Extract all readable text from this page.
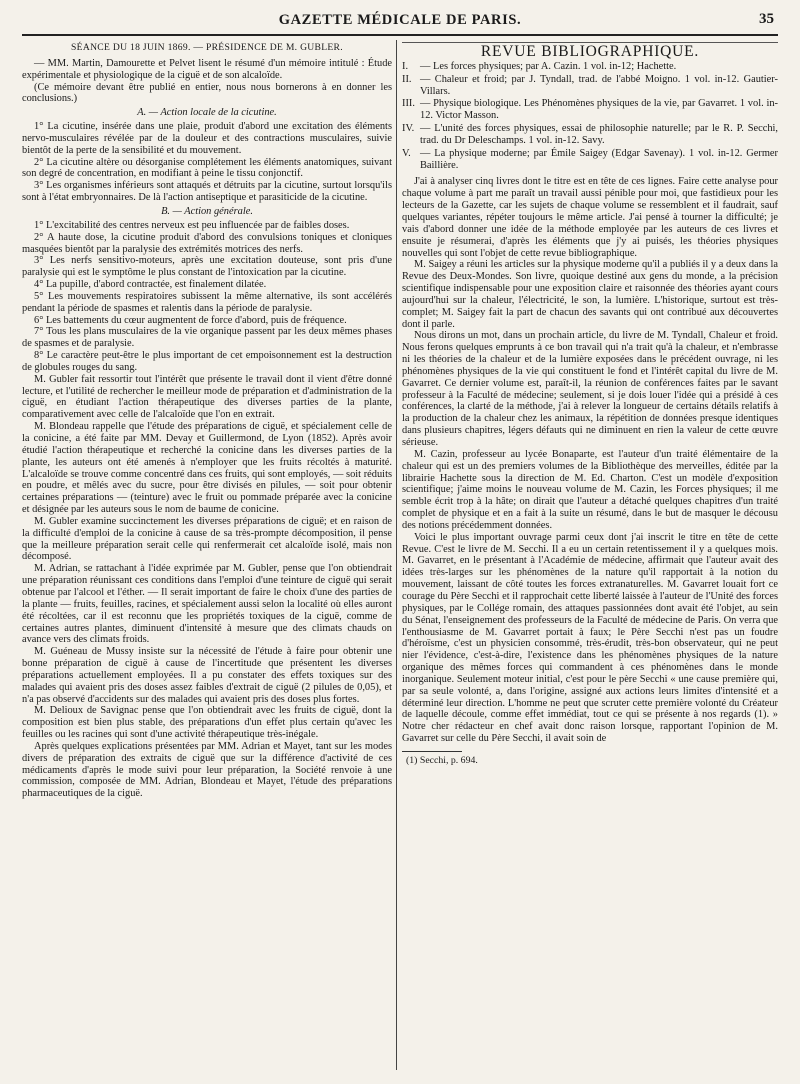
GAZETTE MÉDICALE DE PARIS.	35

SÉANCE DU 18 JUIN 1869. — PRÉSIDENCE DE M. GUBLER.

— MM. Martin, Damourette et Pelvet lisent le résumé d'un mémoire intitulé : Étude expérimentale et physiologique de la ciguë et de son alcaloïde.

(Ce mémoire devant être publié en entier, nous nous bornerons à en donner les conclusions.)

A. — Action locale de la cicutine.

1° La cicutine, insérée dans une plaie, produit d'abord une excitation des éléments nervo-musculaires révélée par de la douleur et des contractions musculaires, suivie bientôt de la perte de la sensibilité et du mouvement.

2° La cicutine altère ou désorganise complétement les éléments anatomiques, suivant son degré de concentration, en modifiant à peine le tissu conjonctif.

3° Les organismes inférieurs sont attaqués et détruits par la cicutine, surtout lorsqu'ils sont à l'état embryonnaires. De là l'action antiseptique et parasiticide de la cicutine.

B. — Action générale.

1° L'excitabilité des centres nerveux est peu influencée par de faibles doses.

2° A haute dose, la cicutine produit d'abord des convulsions toniques et cloniques masquées bientôt par la paralysie des extrémités motrices des nerfs.

3° Les nerfs sensitivo-moteurs, après une excitation douteuse, sont pris d'une paralysie qui est le symptôme le plus constant de l'intoxication par la cicutine.

4° La pupille, d'abord contractée, est finalement dilatée.

5° Les mouvements respiratoires subissent la même alternative, ils sont accélérés pendant la période de spasmes et ralentis dans la période de paralysie.

6° Les battements du cœur augmentent de force d'abord, puis de fréquence.

7° Tous les plans musculaires de la vie organique passent par les deux mêmes phases de spasmes et de paralysie.

8° Le caractère peut-être le plus important de cet empoisonnement est la destruction de globules rouges du sang.

M. Gubler fait ressortir tout l'intérêt que présente le travail dont il vient d'être donné lecture, et l'utilité de rechercher le meilleur mode de préparation et d'administration de la ciguë, en étudiant l'action thérapeutique des diverses parties de la plante, comparativement avec celle de l'alcaloïde que l'on en extrait.

M. Blondeau rappelle que l'étude des préparations de ciguë, et spécialement celle de la conicine, a été faite par MM. Devay et Guillermond, de Lyon (1852). Après avoir étudié l'action thérapeutique et recherché la conicine dans les diverses parties de la plante, les auteurs ont été amenés à n'employer que les fruits récoltés à maturité. L'alcaloïde se trouve comme concentré dans ces fruits, qui sont employés, — soit réduits en poudre, et mêlés avec du sucre, pour être divisés en pilules, — soit pour obtenir certaines préparations — (teinture) avec le fruit ou pommade préparée avec la conicine et désignée par les auteurs sous le nom de baume de conicine.

M. Gubler examine succinctement les diverses préparations de ciguë; et en raison de la difficulté d'emploi de la conicine à cause de sa très-prompte décomposition, il pense que la meilleure préparation serait celle qui renfermerait cet alcaloïde isolé, mais non décomposé.

M. Adrian, se rattachant à l'idée exprimée par M. Gubler, pense que l'on obtiendrait une préparation réunissant ces conditions dans l'emploi d'une teinture de ciguë qui serait obtenue par l'alcool et l'éther. — Il serait important de faire le choix d'une des parties de la plante — fruits, feuilles, racines, et spécialement aussi selon la localité où elles auront été récoltées, car il est reconnu que les propriétés toxiques de la ciguë, comme de certaines autres plantes, diminuent d'intensité à mesure que des climats chauds on avance vers des climats froids.

M. Guéneau de Mussy insiste sur la nécessité de l'étude à faire pour obtenir une bonne préparation de ciguë à cause de l'incertitude que présentent les diverses préparations actuellement employées. Il a pu constater des effets toxiques sur des malades qui avaient pris des doses assez faibles d'extrait de ciguë (2 pilules de 0,05), et n'a pas observé d'accidents sur des malades qui avaient pris des doses plus fortes.

M. Delioux de Savignac pense que l'on obtiendrait avec les fruits de ciguë, dont la composition est bien plus stable, des préparations d'un effet plus certain qu'avec les feuilles ou les racines qui sont d'une activité thérapeutique très-inégale.

Après quelques explications présentées par MM. Adrian et Mayet, tant sur les modes divers de préparation des extraits de ciguë que sur la différence d'activité de ces médicaments d'après le mode suivi pour leur préparation, la Société renvoie à une commission, composée de MM. Adrian, Blondeau et Mayet, l'étude des préparations pharmaceutiques de la ciguë.

REVUE BIBLIOGRAPHIQUE.

I. — Les forces physiques; par A. Cazin. 1 vol. in-12; Hachette.

II. — Chaleur et froid; par J. Tyndall, trad. de l'abbé Moigno. 1 vol. in-12. Gautier-Villars.

III. — Physique biologique. Les Phénomènes physiques de la vie, par Gavarret. 1 vol. in-12. Victor Masson.

IV. — L'unité des forces physiques, essai de philosophie naturelle; par le R. P. Secchi, trad. du Dr Deleschamps. 1 vol. in-12. Savy.

V. — La physique moderne; par Émile Saigey (Edgar Savenay). 1 vol. in-12. Germer Baillière.

J'ai à analyser cinq livres dont le titre est en tête de ces lignes. Faire cette analyse pour chaque volume à part me paraît un travail aussi pénible pour moi, que fastidieux pour les lecteurs de la Gazette, car les sujets de chaque volume se ressemblent et il faudrait, sauf quelques variantes, répéter toujours le même article. J'ai pensé à tourner la difficulté; je vais d'abord donner une idée de la méthode employée par les auteurs de ces livres et ensuite je résumerai, d'après les éléments que j'y ai puisés, les théories physiques nouvelles qui sont l'objet de cette revue bibliographique.

M. Saigey a réuni les articles sur la physique moderne qu'il a publiés il y a deux dans la Revue des Deux-Mondes. Son livre, quoique destiné aux gens du monde, a la précision scientifique indispensable pour une exposition claire et raisonnée des théories ayant cours aujourd'hui sur la chaleur, l'électricité, le son, la lumière. L'historique, surtout est très-complet; M. Saigey fait la part de chacun des savants qui ont contribué aux découvertes dont il parle.

Nous dirons un mot, dans un prochain article, du livre de M. Tyndall, Chaleur et froid. Nous ferons quelques emprunts à ce bon travail qui n'a trait qu'à la chaleur, et n'embrasse ni les théories de la chaleur et de la lumière exposées dans le précédent ouvrage, ni les phénomènes physiques de la vie qui constituent le fond et l'intérêt capital du livre de M. Gavarret. Ce dernier volume est, paraît-il, la réunion de conférences faites par le savant professeur à la Faculté de médecine; seulement, si je dois louer l'idée qui a présidé à ces conférences, la clarté de la méthode, j'ai à relever la longueur de certains détails relatifs à la production de la chaleur chez les animaux, la répétition de données presque identiques dans plusieurs chapitres, légers défauts qui ne diminuent en rien la valeur de cette œuvre sérieuse.

M. Cazin, professeur au lycée Bonaparte, est l'auteur d'un traité élémentaire de la chaleur qui est un des premiers volumes de la Bibliothèque des merveilles, éditée par la librairie Hachette sous la direction de M. Ed. Charton. C'est un modèle d'exposition scientifique; j'aime moins le nouveau volume de M. Cazin, les Forces physiques; il me semble écrit trop à la hâte; on dirait que l'auteur a détaché quelques chapitres d'un traité complet de physique et en a fait à la suite un résumé, dans le but de masquer le décousu des notions précédemment données.

Voici le plus important ouvrage parmi ceux dont j'ai inscrit le titre en tête de cette Revue. C'est le livre de M. Secchi. Il a eu un certain retentissement il y a quelques mois. M. Gavarret, en le présentant à l'Académie de médecine, affirmait que l'auteur avait des idées très-larges sur les phénomènes de la nature qu'il rapportait à la notion du mouvement, laissant de côté toutes les forces extranaturelles. M. Gavarret louait fort ce courage du Père Secchi et il rapprochait cette liberté laissée à l'auteur de l'Unité des forces physiques, par le Collége romain, des attaques passionnées dont avait été l'objet, au sein du Sénat, l'enseignement des professeurs de la Faculté de médecine de Paris. On verra que l'enthousiasme de M. Gavarret portait à faux; le Père Secchi n'est pas un foudre d'héroïsme, c'est un physicien consommé, très-érudit, très-bon observateur, qui ne peut nier l'évidence, c'est-à-dire, l'existence dans les phénomènes physiques de la nature organique des mêmes forces qui commandent à ces phénomènes dans le monde inorganique. Seulement moteur initial, c'est pour le père Secchi « une cause première qui, par sa seule volonté, a, dans l'origine, assigné aux actions leurs limites d'intensité et a déterminé leur direction. L'homme ne peut que scruter cette première volonté du Créateur de laquelle découle, comme effet immédiat, tout ce qui se présente à nos regards (1). » Notre cher rédacteur en chef avait donc raison lorsque, rapportant l'opinion de M. Gavarret sur celle du Père Secchi, il avait soin de

(1) Secchi, p. 694.
